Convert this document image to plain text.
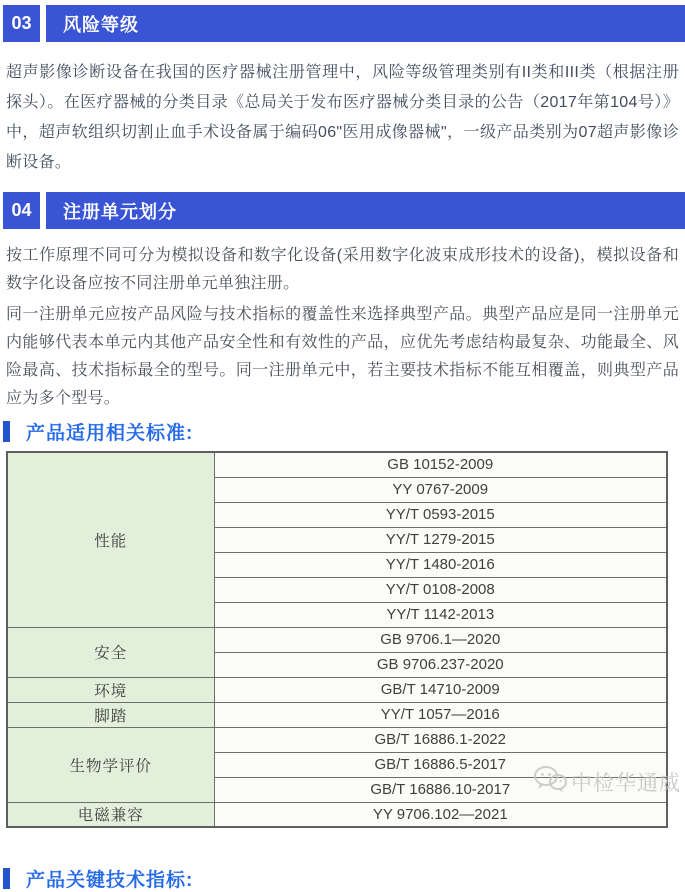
03	风险等级

超声影像诊断设备在我国的医疗器械注册管理中，风险等级管理类别有II类和III类（根据注册探头）。在医疗器械的分类目录《总局关于发布医疗器械分类目录的公告（2017年第104号）》中，超声软组织切割止血手术设备属于编码06"医用成像器械"，一级产品类别为07超声影像诊断设备。

04	注册单元划分

按工作原理不同可分为模拟设备和数字化设备(采用数字化波束成形技术的设备)，模拟设备和数字化设备应按不同注册单元单独注册。

同一注册单元应按产品风险与技术指标的覆盖性来选择典型产品。典型产品应是同一注册单元内能够代表本单元内其他产品安全性和有效性的产品，应优先考虑结构最复杂、功能最全、风险最高、技术指标最全的型号。同一注册单元中，若主要技术指标不能互相覆盖，则典型产品应为多个型号。

产品适用相关标准:
性能	GB 10152-2009
	YY 0767-2009
	YY/T 0593-2015
	YY/T 1279-2015
	YY/T 1480-2016
	YY/T 0108-2008
	YY/T 1142-2013
安全	GB 9706.1—2020
	GB 9706.237-2020
环境	GB/T 14710-2009
脚踏	YY/T 1057—2016
生物学评价	GB/T 16886.1-2022
	GB/T 16886.5-2017
	GB/T 16886.10-2017
电磁兼容	YY 9706.102—2021
中检华通威
产品关键技术指标:
